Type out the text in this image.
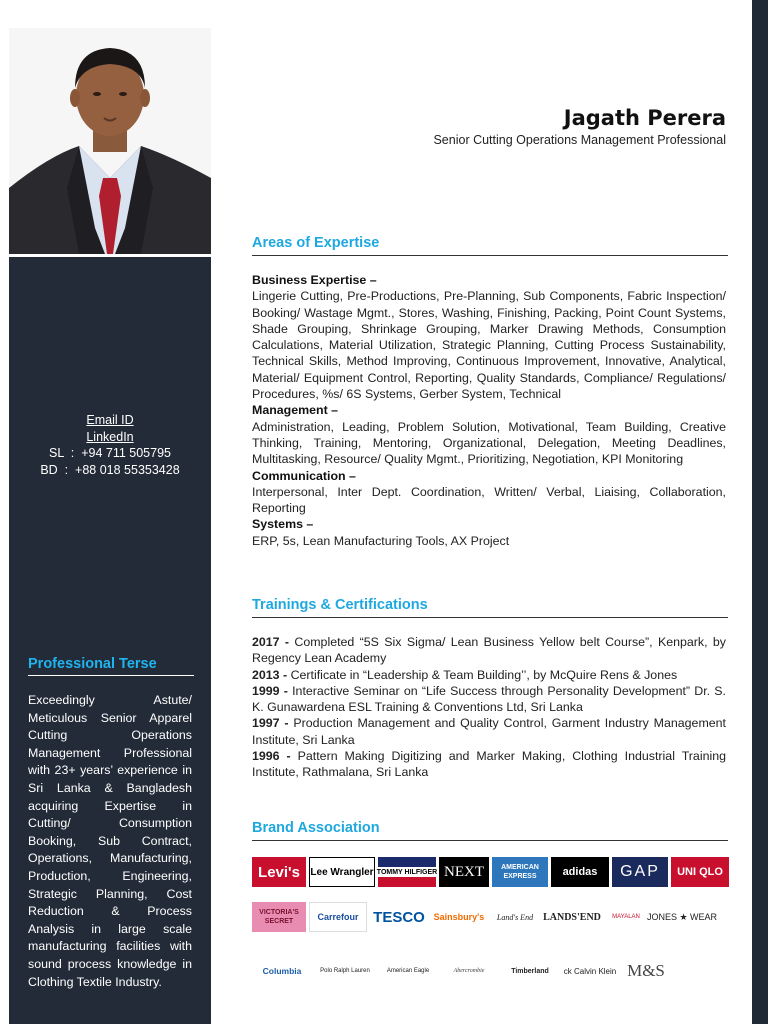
Email ID
LinkedIn
SL  :  +94 711 505795
BD  :  +88 018 55353428
Professional Terse
Exceedingly Astute/ Meticulous Senior Apparel Cutting Operations Management Professional with 23+ years’ experience in Sri Lanka & Bangladesh acquiring Expertise in Cutting/ Consumption Booking, Sub Contract, Operations, Manufacturing, Production, Engineering, Strategic Planning, Cost Reduction & Process Analysis in large scale manufacturing facilities with sound process knowledge in Clothing Textile Industry.
Jagath Perera
Senior Cutting Operations Management Professional
Areas of Expertise
Business Expertise –

Lingerie Cutting, Pre-Productions, Pre-Planning, Sub Components, Fabric Inspection/ Booking/ Wastage Mgmt., Stores, Washing, Finishing, Packing, Point Count Systems, Shade Grouping, Shrinkage Grouping, Marker Drawing Methods, Consumption Calculations, Material Utilization, Strategic Planning, Cutting Process Sustainability, Technical Skills, Method Improving, Continuous Improvement, Innovative, Analytical, Material/ Equipment Control, Reporting, Quality Standards, Compliance/ Regulations/ Procedures, %s/ 6S Systems, Gerber System, Technical

Management –

Administration, Leading, Problem Solution, Motivational, Team Building, Creative Thinking, Training, Mentoring, Organizational, Delegation, Meeting Deadlines, Multitasking, Resource/ Quality Mgmt., Prioritizing, Negotiation, KPI Monitoring

Communication –

Interpersonal, Inter Dept. Coordination, Written/ Verbal, Liaising, Collaboration, Reporting

Systems –

ERP, 5s, Lean Manufacturing Tools, AX Project

Trainings & Certifications

2017 - Completed “5S Six Sigma/ Lean Business Yellow belt Course”, Kenpark, by Regency Lean Academy

2013 - Certificate in “Leadership & Team Building’’, by McQuire Rens & Jones

1999 - Interactive Seminar on “Life Success through Personality Development” Dr. S. K. Gunawardena ESL Training & Conventions Ltd, Sri Lanka

1997 - Production Management and Quality Control, Garment Industry Management Institute, Sri Lanka

1996 - Pattern Making Digitizing and Marker Making, Clothing Industrial Training Institute, Rathmalana, Sri Lanka

Brand Association
Levi's	Lee Wrangler TOMMY HILFIGER NEXT	AMERICAN EXPRESS	adidas	GAP	UNI QLO
VICTORIA'S SECRET	Carrefour TESCO Sainsbury's	Land's End	LANDS'END	MAYALAN JONES ★ WEAR
Columbia	Polo Ralph Lauren	American Eagle	Abercrombie	Timberland	ck Calvin Klein M&S
